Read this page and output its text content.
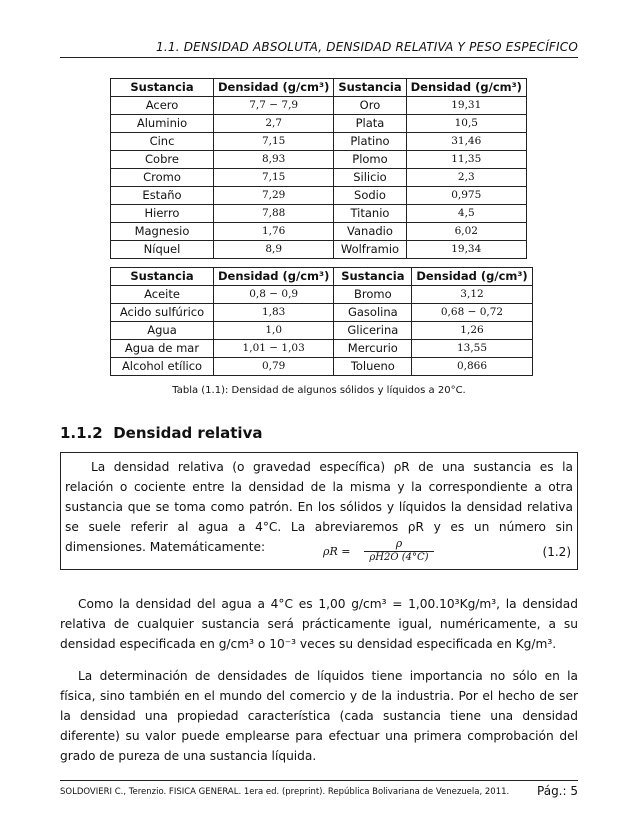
1.1. DENSIDAD ABSOLUTA, DENSIDAD RELATIVA Y PESO ESPECÍFICO
Sustancia	Densidad (g/cm³)	Sustancia	Densidad (g/cm³)
Acero	7,7 − 7,9	Oro	19,31
Aluminio	2,7	Plata	10,5
Cinc	7,15	Platino	31,46
Cobre	8,93	Plomo	11,35
Cromo	7,15	Silicio	2,3
Estaño	7,29	Sodio	0,975
Hierro	7,88	Titanio	4,5
Magnesio	1,76	Vanadio	6,02
Níquel	8,9	Wolframio	19,34
Sustancia	Densidad (g/cm³)	Sustancia	Densidad (g/cm³)
Aceite	0,8 − 0,9	Bromo	3,12
Acido sulfúrico	1,83	Gasolina	0,68 − 0,72
Agua	1,0	Glicerina	1,26
Agua de mar	1,01 − 1,03	Mercurio	13,55
Alcohol etílico	0,79	Tolueno	0,866
Tabla (1.1): Densidad de algunos sólidos y líquidos a 20°C.
1.1.2 Densidad relativa

La densidad relativa (o gravedad específica) ρR de una sustancia es la relación o cociente entre la densidad de la misma y la correspondiente a otra sustancia que se toma como patrón. En los sólidos y líquidos la densidad relativa se suele referir al agua a 4°C. La abreviaremos ρR y es un número sin dimensiones. Matemáticamente:	$\rho R = \frac{\rho}{\rho H2O (4^\circ C)}$	(1.2)

Como la densidad del agua a 4°C es 1,00 g/cm³ = 1,00.10³Kg/m³, la densidad relativa de cualquier sustancia será prácticamente igual, numéricamente, a su densidad especificada en g/cm³ o 10⁻³ veces su densidad especificada en Kg/m³.

La determinación de densidades de líquidos tiene importancia no sólo en la física, sino también en el mundo del comercio y de la industria. Por el hecho de ser la densidad una propiedad característica (cada sustancia tiene una densidad diferente) su valor puede emplearse para efectuar una primera comprobación del grado de pureza de una sustancia líquida.

SOLDOVIERI C., Terenzio. FISICA GENERAL. 1era ed. (preprint). República Bolivariana de Venezuela, 2011. Pág.: 5
